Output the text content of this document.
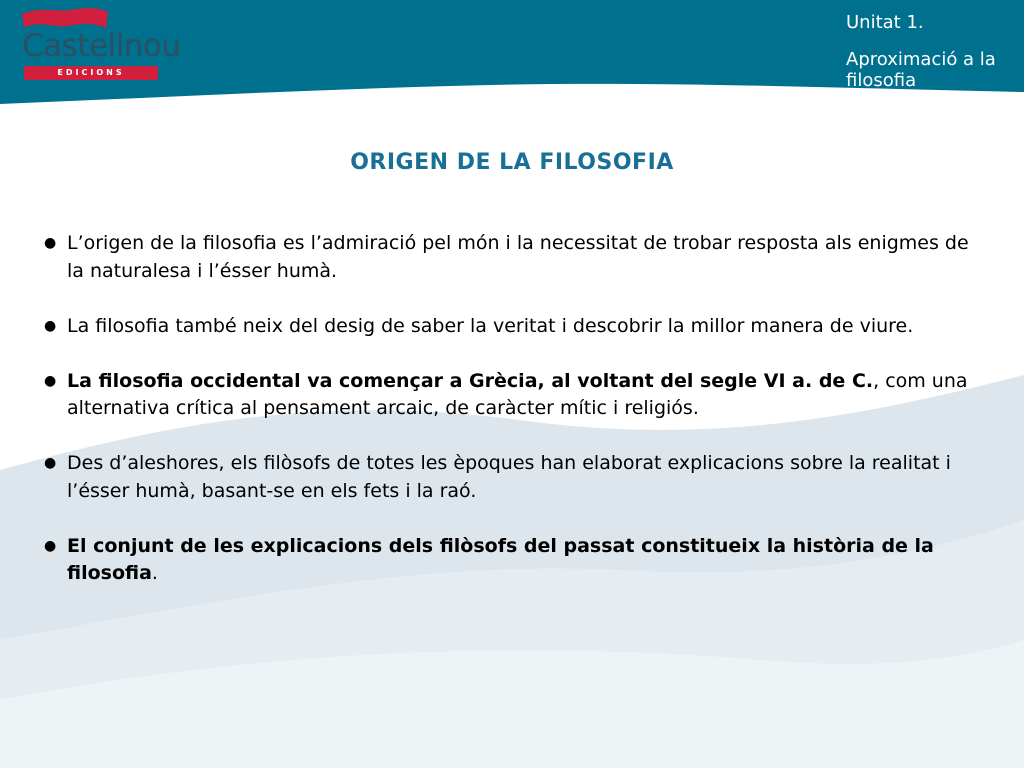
Castellnou
EDICIONS
Unitat 1.
Aproximació a la filosofia
ORIGEN DE LA FILOSOFIA
● L’origen de la filosofia es l’admiració pel món i la necessitat de trobar resposta als enigmes de la naturalesa i l’ésser humà.
● La filosofia també neix del desig de saber la veritat i descobrir la millor manera de viure.
● La filosofia occidental va començar a Grècia, al voltant del segle VI a. de C., com una alternativa crítica al pensament arcaic, de caràcter mític i religiós.
● Des d’aleshores, els filòsofs de totes les èpoques han elaborat explicacions sobre la realitat i l’ésser humà, basant-se en els fets i la raó.
● El conjunt de les explicacions dels filòsofs del passat constitueix la història de la filosofia.
